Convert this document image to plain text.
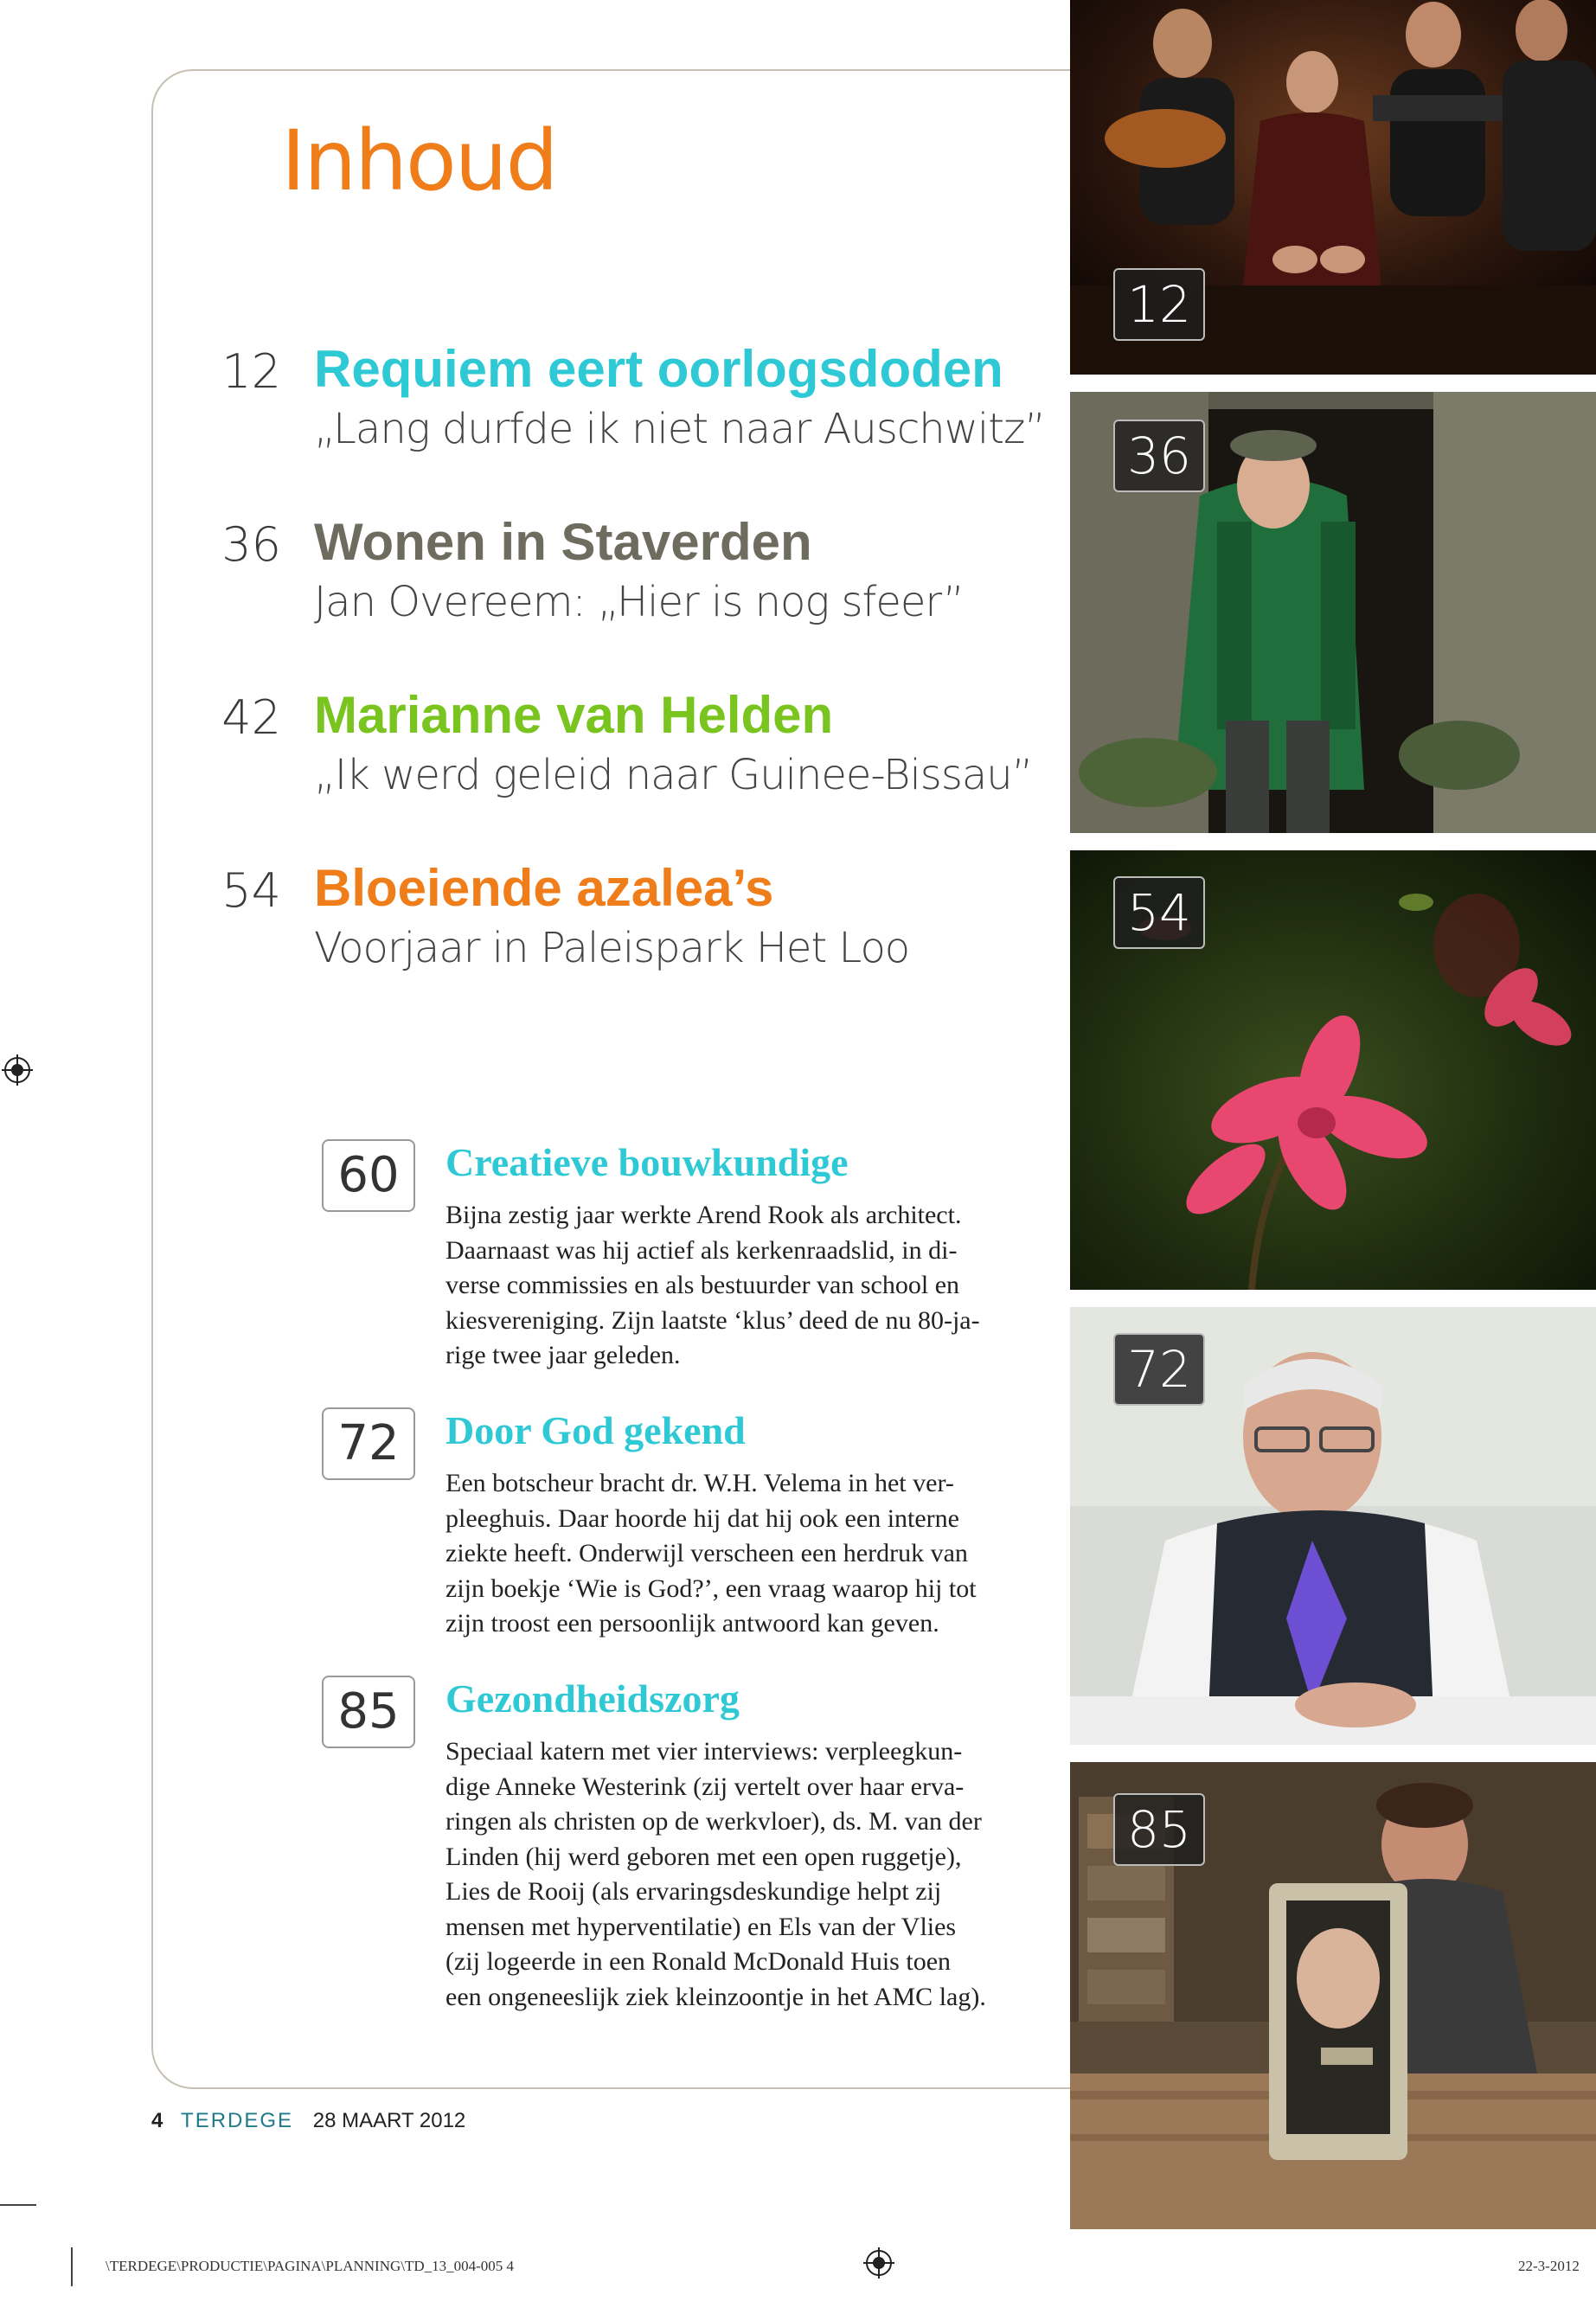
Inhoud
12 Requiem eert oorlogsdoden
„Lang durfde ik niet naar Auschwitz”
36 Wonen in Staverden
Jan Overeem: „Hier is nog sfeer”
42 Marianne van Helden
„Ik werd geleid naar Guinee-Bissau”
54 Bloeiende azalea’s
Voorjaar in Paleispark Het Loo
60	Creatieve bouwkundige
Bijna zestig jaar werkte Arend Rook als architect.
Daarnaast was hij actief als kerkenraadslid, in di-
verse commissies en als bestuurder van school en
kiesvereniging. Zijn laatste ‘klus’ deed de nu 80-ja-
rige twee jaar geleden.
72	Door God gekend
Een botscheur bracht dr. W.H. Velema in het ver-
pleeghuis. Daar hoorde hij dat hij ook een interne
ziekte heeft. Onderwijl verscheen een herdruk van
zijn boekje ‘Wie is God?’, een vraag waarop hij tot
zijn troost een persoonlijk antwoord kan geven.
85	Gezondheidszorg
Speciaal katern met vier interviews: verpleegkun-
dige Anneke Westerink (zij vertelt over haar erva-
ringen als christen op de werkvloer), ds. M. van der
Linden (hij werd geboren met een open ruggetje),
Lies de Rooij (als ervaringsdeskundige helpt zij
mensen met hyperventilatie) en Els van der Vlies
(zij logeerde in een Ronald McDonald Huis toen
een ongeneeslijk ziek kleinzoontje in het AMC lag).
12
36
54
72
85
4 TERDEGE 28 MAART 2012
\TERDEGE\PRODUCTIE\PAGINA\PLANNING\TD_13_004-005 4	22-3-2012
